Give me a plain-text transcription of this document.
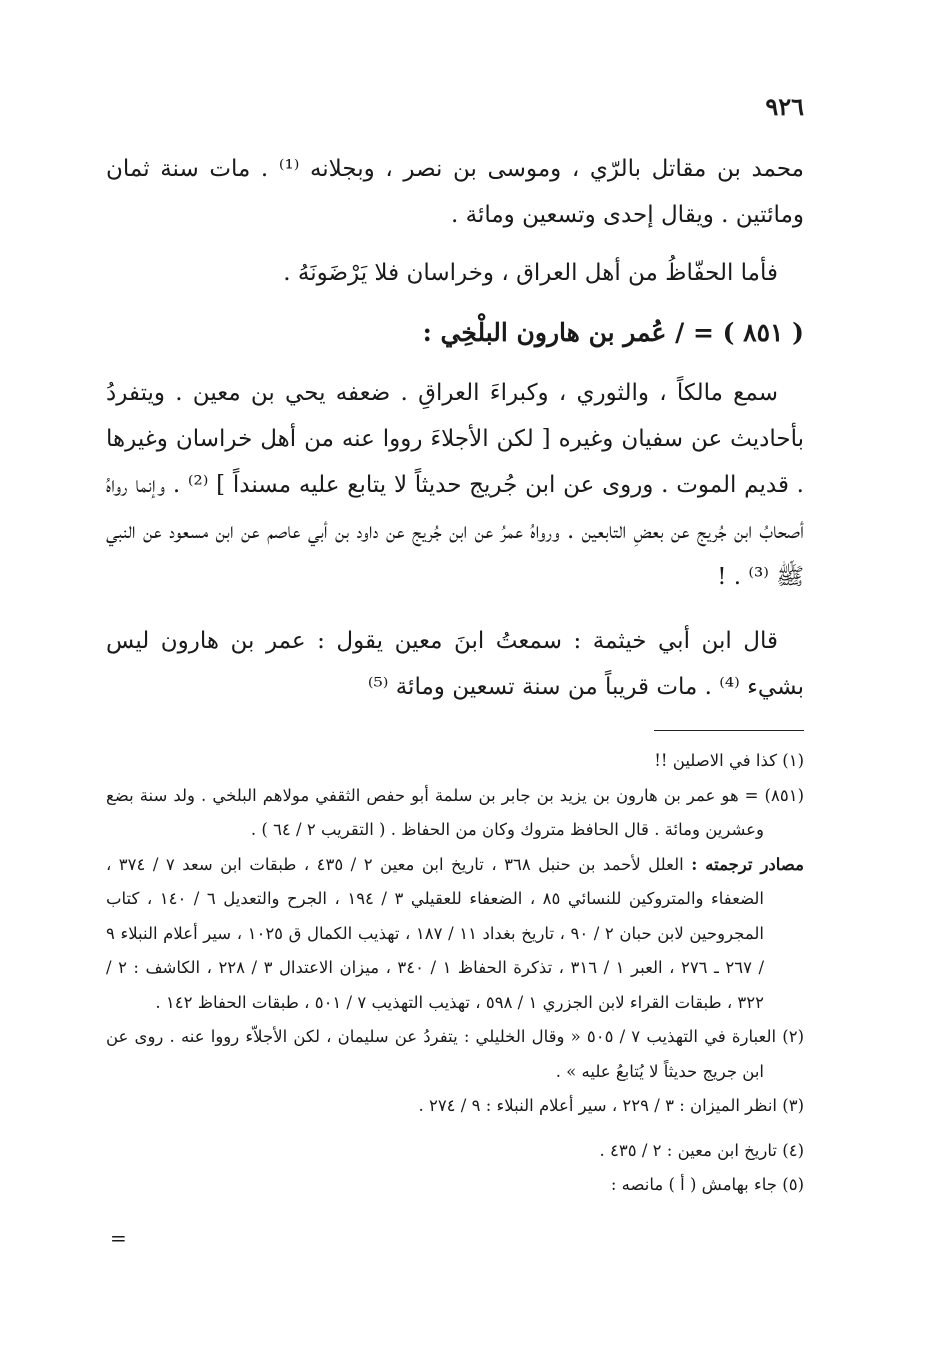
٩٢٦

محمد بن مقاتل بالرّي ، وموسى بن نصر ، وبجلانه ⁽¹⁾ . مات سنة ثمان ومائتين . ويقال إحدى وتسعين ومائة .

فأما الحفّاظُ من أهل العراق ، وخراسان فلا يَرْضَونَهُ .

( ٨٥١ ) = / عُمر بن هارون البلْخِي :

سمع مالكاً ، والثوري ، وكبراءَ العراقِ . ضعفه يحي بن معين . ويتفردُ بأحاديث عن سفيان وغيره [ لكن الأجلاءَ رووا عنه من أهل خراسان وغيرها . قديم الموت . وروى عن ابن جُريج حديثاً لا يتابع عليه مسنداً ] ⁽²⁾ . وإنما رواهُ أصحابُ ابن جُريج عن بعضِ التابعين . ورواهُ عمرُ عن ابن جُريج عن داود بن أبي عاصم عن ابن مسعود عن النبي ﷺ ⁽³⁾ . !

قال ابن أبي خيثمة : سمعتُ ابنَ معين يقول : عمر بن هارون ليس بشيء ⁽⁴⁾ . مات قريباً من سنة تسعين ومائة ⁽⁵⁾

(١) كذا في الاصلين !!

(٨٥١) = هو عمر بن هارون بن يزيد بن جابر بن سلمة أبو حفص الثقفي مولاهم البلخي . ولد سنة بضع وعشرين ومائة . قال الحافظ متروك وكان من الحفاظ . ( التقريب ٢ / ٦٤ ) .

مصادر ترجمته : العلل لأحمد بن حنبل ٣٦٨ ، تاريخ ابن معين ٢ / ٤٣٥ ، طبقات ابن سعد ٧ / ٣٧٤ ، الضعفاء والمتروكين للنسائي ٨٥ ، الضعفاء للعقيلي ٣ / ١٩٤ ، الجرح والتعديل ٦ / ١٤٠ ، كتاب المجروحين لابن حبان ٢ / ٩٠ ، تاريخ بغداد ١١ / ١٨٧ ، تهذيب الكمال ق ١٠٢٥ ، سير أعلام النبلاء ٩ / ٢٦٧ ـ ٢٧٦ ، العبر ١ / ٣١٦ ، تذكرة الحفاظ ١ / ٣٤٠ ، ميزان الاعتدال ٣ / ٢٢٨ ، الكاشف : ٢ / ٣٢٢ ، طبقات القراء لابن الجزري ١ / ٥٩٨ ، تهذيب التهذيب ٧ / ٥٠١ ، طبقات الحفاظ ١٤٢ .

(٢) العبارة في التهذيب ٧ / ٥٠٥ « وقال الخليلي : يتفردُ عن سليمان ، لكن الأجلاّء رووا عنه . روى عن ابن جريج حديثاً لا يُتابعُ عليه » .

(٣) انظر الميزان : ٣ / ٢٢٩ ، سير أعلام النبلاء : ٩ / ٢٧٤ .

(٤) تاريخ ابن معين : ٢ / ٤٣٥ .

(٥) جاء بهامش ( أ ) مانصه :

=
